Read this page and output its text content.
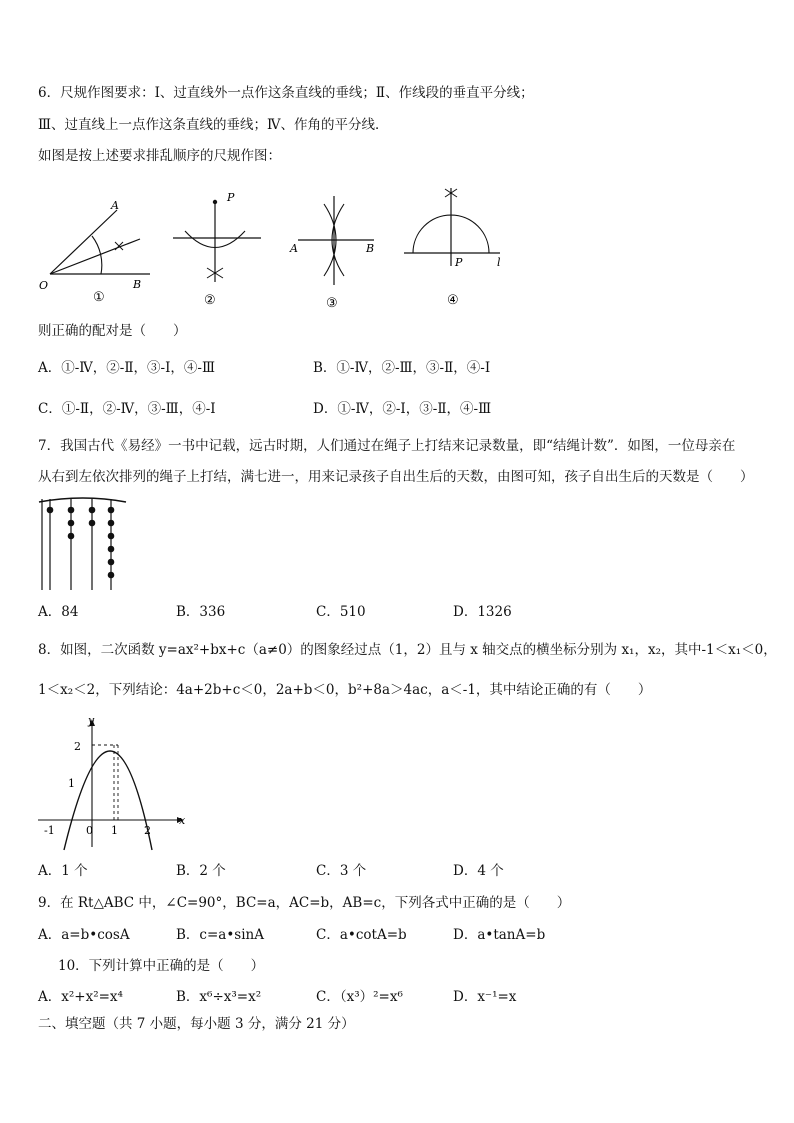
6．尺规作图要求：Ⅰ、过直线外一点作这条直线的垂线；Ⅱ、作线段的垂直平分线；
Ⅲ、过直线上一点作这条直线的垂线；Ⅳ、作角的平分线．
如图是按上述要求排乱顺序的尺规作图：
A
O	B
①
P
②
A	B
③
P	l
④
则正确的配对是（　　）
A．①-Ⅳ，②-Ⅱ，③-Ⅰ，④-Ⅲ	B．①-Ⅳ，②-Ⅲ，③-Ⅱ，④-Ⅰ
C．①-Ⅱ，②-Ⅳ，③-Ⅲ，④-Ⅰ	D．①-Ⅳ，②-Ⅰ，③-Ⅱ，④-Ⅲ
7．我国古代《易经》一书中记载，远古时期，人们通过在绳子上打结来记录数量，即“结绳计数”．如图，一位母亲在
从右到左依次排列的绳子上打结，满七进一，用来记录孩子自出生后的天数，由图可知，孩子自出生后的天数是（　　）
A．84	B．336	C．510	D．1326
8．如图，二次函数 y=ax²+bx+c（a≠0）的图象经过点（1，2）且与 x 轴交点的横坐标分别为 x₁，x₂，其中-1＜x₁＜0，
1＜x₂＜2，下列结论：4a+2b+c＜0，2a+b＜0，b²+8a＞4ac，a＜-1，其中结论正确的有（　　）
y
x
-1	0 1 2
1
2
A．1 个	B．2 个	C．3 个	D．4 个
9．在 Rt△ABC 中，∠C=90°，BC=a，AC=b，AB=c，下列各式中正确的是（　　）
A．a=b•cosA	B．c=a•sinA	C．a•cotA=b	D．a•tanA=b
10．下列计算中正确的是（　　）
A．x²+x²=x⁴	B．x⁶÷x³=x²	C．（x³）²=x⁶	D．x⁻¹=x
二、填空题（共 7 小题，每小题 3 分，满分 21 分）
